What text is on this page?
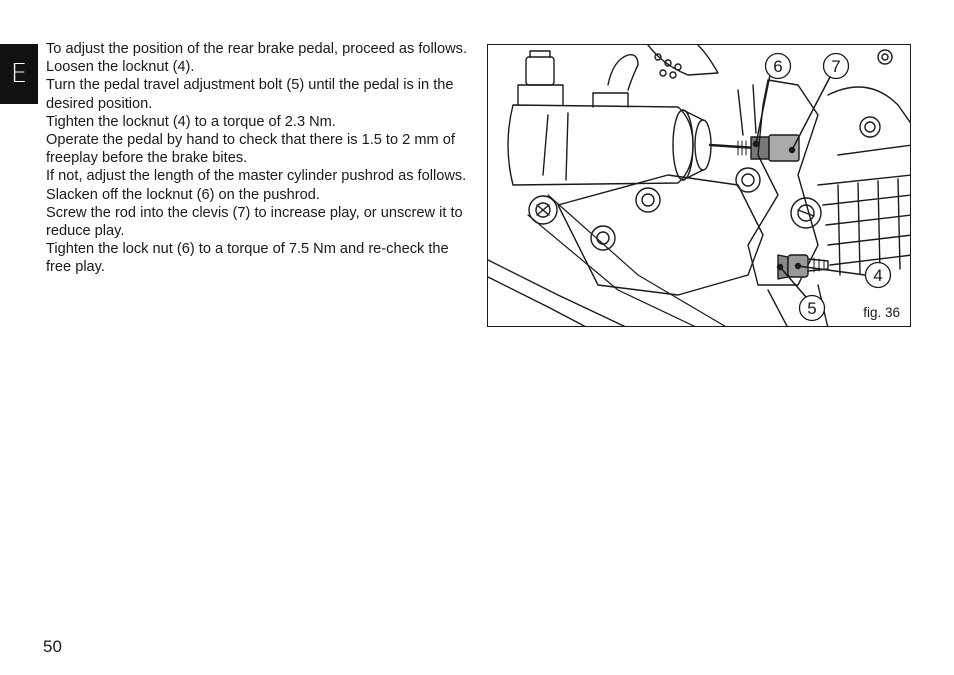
E

To adjust the position of the rear brake pedal, proceed as follows.

Loosen the locknut (4).

Turn the pedal travel adjustment bolt (5) until the pedal is in the desired position.

Tighten the locknut (4) to a torque of 2.3 Nm.

Operate the pedal by hand to check that there is 1.5 to 2 mm of freeplay before the brake bites.

If not, adjust the length of the master cylinder pushrod as follows.

Slacken off the locknut (6) on the pushrod.

Screw the rod into the clevis (7) to increase play, or unscrew it to reduce play.

Tighten the lock nut (6) to a torque of 7.5 Nm and re-check the free play.

6	7
4
5	fig. 36
50
